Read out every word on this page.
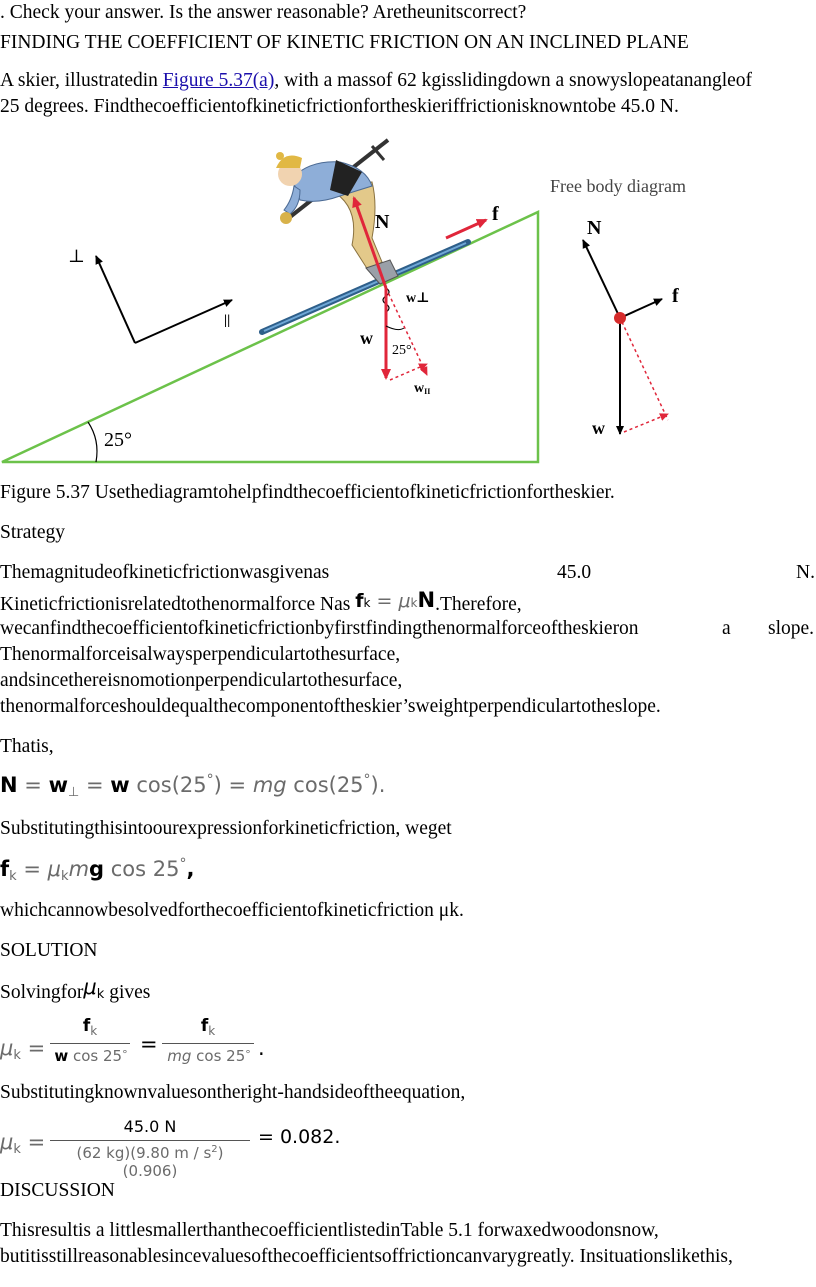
. Check your answer. Is the answer reasonable? Aretheunitscorrect?
FINDING THE COEFFICIENT OF KINETIC FRICTION ON AN INCLINED PLANE
A skier, illustratedin Figure 5.37(a), with a massof 62 kgisslidingdown a snowyslopeatanangleof
25 degrees. Findthecoefficientofkineticfrictionfortheskieriffrictionisknowntobe 45.0 N.
25°
⊥
||
N	f
w
w⊥
25°
wII
Free body diagram
N
f
w
Figure 5.37 Usethediagramtohelpfindthecoefficientofkineticfrictionfortheskier.
Strategy
Themagnitudeofkineticfrictionwasgivenas	45.0	N.
Kineticfrictionisrelatedtothenormalforce Nas fk = μkN.Therefore,
wecanfindthecoefficientofkineticfrictionbyfirstfindingthenormalforceoftheskieron	a slope.
Thenormalforceisalwaysperpendiculartothesurface,
andsincethereisnomotionperpendiculartothesurface,
thenormalforceshouldequalthecomponentoftheskier’sweightperpendiculartotheslope.
Thatis,
N = w⊥ = w cos(25°) = mg cos(25°).
Substitutingthisintoourexpressionforkineticfriction, weget
fk = μkmg cos 25°,
whichcannowbesolvedforthecoefficientofkineticfriction μk.
SOLUTION
Solvingforμk gives
μk =
$f_k$
w cos 25° =
$f_k$
mg cos 25° .
Substitutingknownvaluesontheright-handsideoftheequation,
μk =
45.0 N
(62 kg)(9.80 m / $s^2)(0.906)$
= 0.082.
DISCUSSION
Thisresultis a littlesmallerthanthecoefficientlistedinTable 5.1 forwaxedwoodonsnow,
butitisstillreasonablesincevaluesofthecoefficientsoffrictioncanvarygreatly. Insituationslikethis,
